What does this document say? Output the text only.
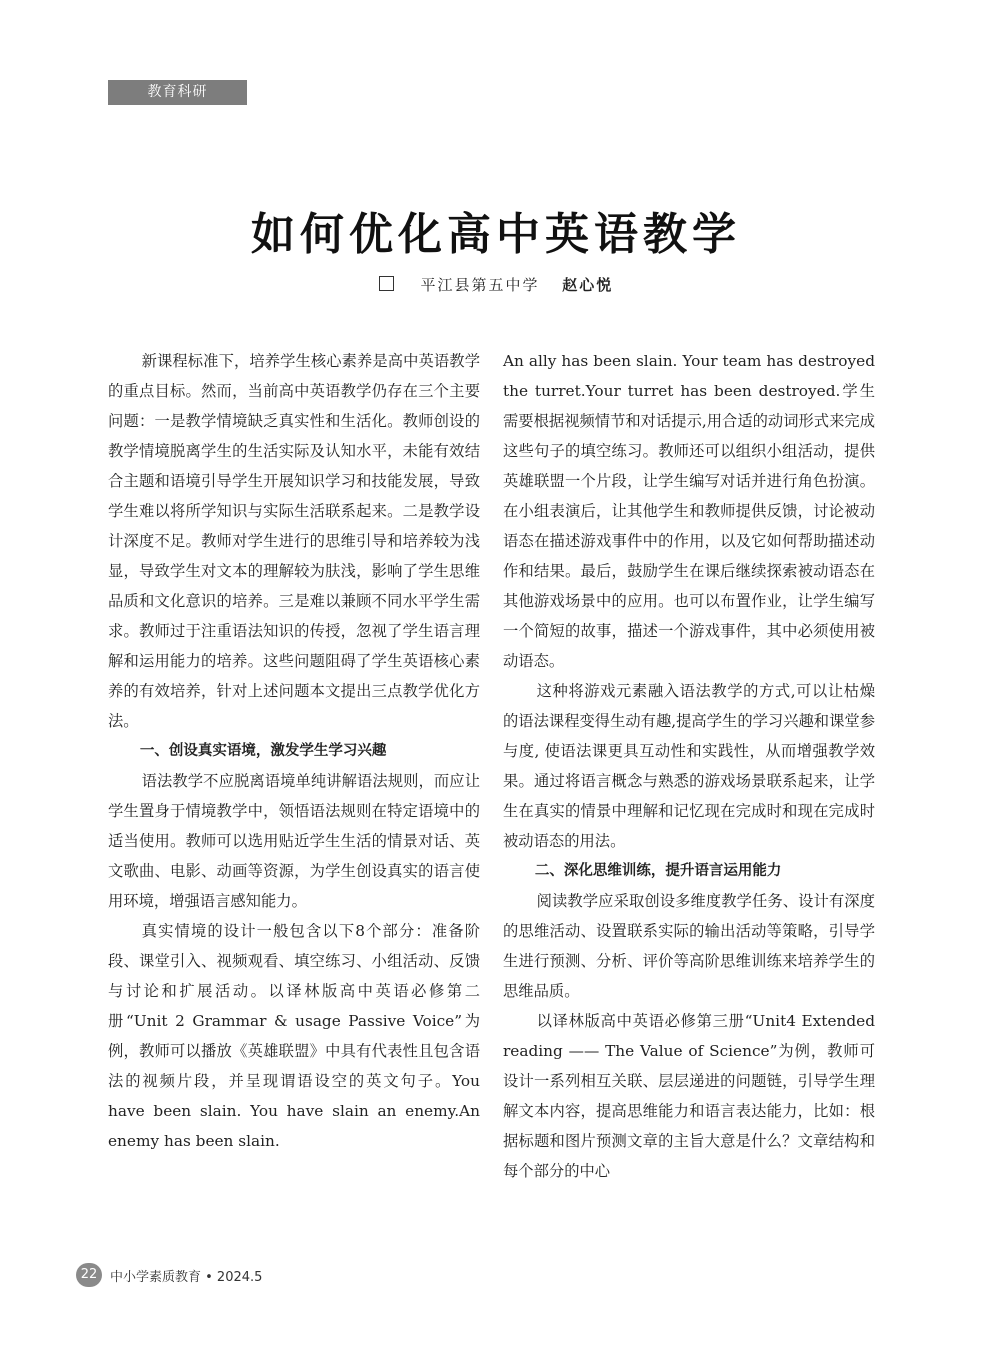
教育科研
如何优化高中英语教学
平江县第五中学 赵心悦

新课程标准下，培养学生核心素养是高中英语教学的重点目标。然而，当前高中英语教学仍存在三个主要问题：一是教学情境缺乏真实性和生活化。教师创设的教学情境脱离学生的生活实际及认知水平，未能有效结合主题和语境引导学生开展知识学习和技能发展，导致学生难以将所学知识与实际生活联系起来。二是教学设计深度不足。教师对学生进行的思维引导和培养较为浅显，导致学生对文本的理解较为肤浅，影响了学生思维品质和文化意识的培养。三是难以兼顾不同水平学生需求。教师过于注重语法知识的传授，忽视了学生语言理解和运用能力的培养。这些问题阻碍了学生英语核心素养的有效培养，针对上述问题本文提出三点教学优化方法。

一、创设真实语境，激发学生学习兴趣

语法教学不应脱离语境单纯讲解语法规则，而应让学生置身于情境教学中，领悟语法规则在特定语境中的适当使用。教师可以选用贴近学生生活的情景对话、英文歌曲、电影、动画等资源，为学生创设真实的语言使用环境，增强语言感知能力。

真实情境的设计一般包含以下8个部分：准备阶段、课堂引入、视频观看、填空练习、小组活动、反馈与讨论和扩展活动。以译林版高中英语必修第二册“Unit 2 Grammar & usage Passive Voice”为例，教师可以播放《英雄联盟》中具有代表性且包含语法的视频片段，并呈现谓语设空的英文句子。You have been slain. You have slain an enemy.An enemy has been slain.

An ally has been slain. Your team has destroyed the turret.Your turret has been destroyed.学生需要根据视频情节和对话提示,用合适的动词形式来完成这些句子的填空练习。教师还可以组织小组活动，提供英雄联盟一个片段，让学生编写对话并进行角色扮演。在小组表演后，让其他学生和教师提供反馈，讨论被动语态在描述游戏事件中的作用，以及它如何帮助描述动作和结果。最后，鼓励学生在课后继续探索被动语态在其他游戏场景中的应用。也可以布置作业，让学生编写一个简短的故事，描述一个游戏事件，其中必须使用被动语态。

这种将游戏元素融入语法教学的方式,可以让枯燥的语法课程变得生动有趣,提高学生的学习兴趣和课堂参与度, 使语法课更具互动性和实践性，从而增强教学效果。通过将语言概念与熟悉的游戏场景联系起来，让学生在真实的情景中理解和记忆现在完成时和现在完成时被动语态的用法。

二、深化思维训练，提升语言运用能力

阅读教学应采取创设多维度教学任务、设计有深度的思维活动、设置联系实际的输出活动等策略，引导学生进行预测、分析、评价等高阶思维训练来培养学生的思维品质。

以译林版高中英语必修第三册“Unit4 Extended reading —— The Value of Science”为例，教师可设计一系列相互关联、层层递进的问题链，引导学生理解文本内容，提高思维能力和语言表达能力，比如：根据标题和图片预测文章的主旨大意是什么？文章结构和每个部分的中心

22 中小学素质教育 • 2024.5
